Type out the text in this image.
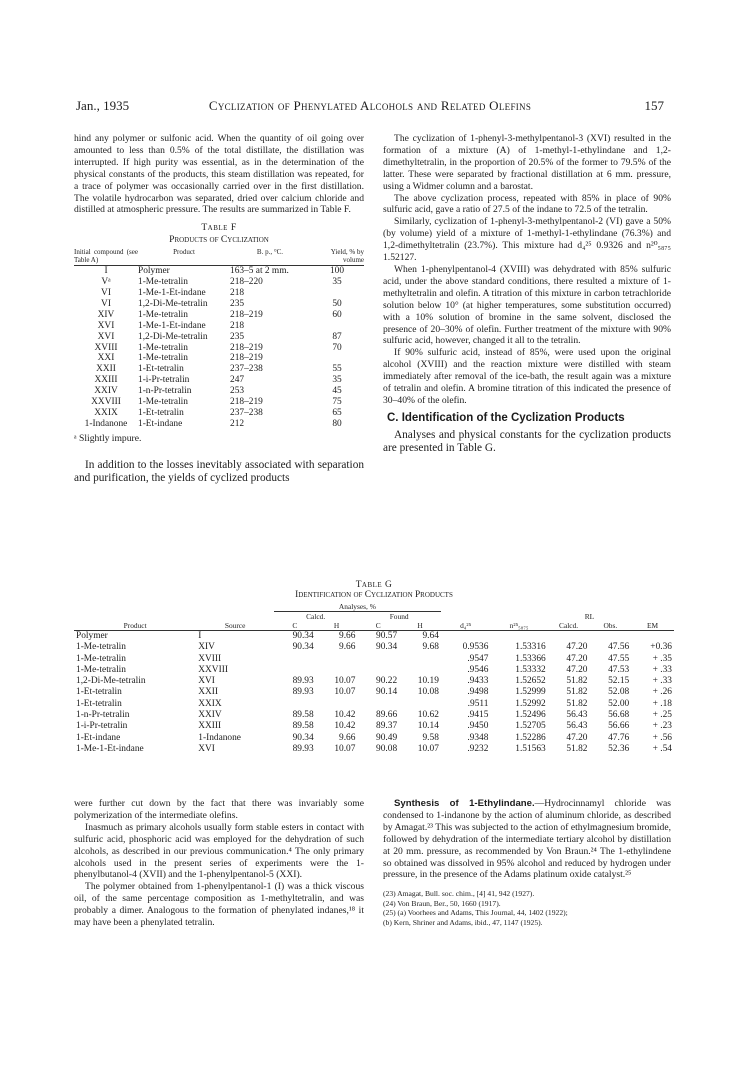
Jan., 1935	Cyclization of Phenylated Alcohols and Related Olefins	157

hind any polymer or sulfonic acid. When the quantity of oil going over amounted to less than 0.5% of the total distillate, the distillation was interrupted. If high purity was essential, as in the determination of the physical constants of the products, this steam distillation was repeated, for a trace of polymer was occasionally carried over in the first distillation. The volatile hydrocarbon was separated, dried over calcium chloride and distilled at atmospheric pressure. The results are summarized in Table F.

Table F
Products of Cyclization
Initial compound (see Table A)	Product	B. p., °C.	Yield, % by volume
I	Polymer	163–5 at 2 mm.	100
Vᵃ	1-Me-tetralin	218–220	35
VI	1-Me-1-Et-indane	218	
VI	1,2-Di-Me-tetralin	235	50
XIV	1-Me-tetralin	218–219	60
XVI	1-Me-1-Et-indane	218	
XVI	1,2-Di-Me-tetralin	235	87
XVIII	1-Me-tetralin	218–219	70
XXI	1-Me-tetralin	218–219	
XXII	1-Et-tetralin	237–238	55
XXIII	1-i-Pr-tetralin	247	35
XXIV	1-n-Pr-tetralin	253	45
XXVIII	1-Me-tetralin	218–219	75
XXIX	1-Et-tetralin	237–238	65
1-Indanone	1-Et-indane	212	80
ᵃ Slightly impure.

In addition to the losses inevitably associated with separation and purification, the yields of cyclized products

The cyclization of 1-phenyl-3-methylpentanol-3 (XVI) resulted in the formation of a mixture (A) of 1-methyl-1-ethylindane and 1,2-dimethyltetralin, in the proportion of 20.5% of the former to 79.5% of the latter. These were separated by fractional distillation at 6 mm. pressure, using a Widmer column and a barostat.

The above cyclization process, repeated with 85% in place of 90% sulfuric acid, gave a ratio of 27.5 of the indane to 72.5 of the tetralin.

Similarly, cyclization of 1-phenyl-3-methylpentanol-2 (VI) gave a 50% (by volume) yield of a mixture of 1-methyl-1-ethylindane (76.3%) and 1,2-dimethyltetralin (23.7%). This mixture had d₄²⁵ 0.9326 and n²⁰₅₈₇₅ 1.52127.

When 1-phenylpentanol-4 (XVIII) was dehydrated with 85% sulfuric acid, under the above standard conditions, there resulted a mixture of 1-methyltetralin and olefin. A titration of this mixture in carbon tetrachloride solution below 10° (at higher temperatures, some substitution occurred) with a 10% solution of bromine in the same solvent, disclosed the presence of 20–30% of olefin. Further treatment of the mixture with 90% sulfuric acid, however, changed it all to the tetralin.

If 90% sulfuric acid, instead of 85%, were used upon the original alcohol (XVIII) and the reaction mixture were distilled with steam immediately after removal of the ice-bath, the result again was a mixture of tetralin and olefin. A bromine titration of this indicated the presence of 30–40% of the olefin.

C. Identification of the Cyclization Products

Analyses and physical constants for the cyclization products are presented in Table G.

Table G
Identification of Cyclization Products
		Analyses, %								
		Calcd.		Found				RL		
Product	Source	C	H	C	H	d₄²⁵	n²⁵₅₈₇₅	Calcd.	Obs.	EM
Polymer	I	90.34	9.66	90.57	9.64					
1-Me-tetralin	XIV	90.34	9.66	90.34	9.68	0.9536	1.53316	47.20	47.56	+0.36
1-Me-tetralin	XVIII					.9547	1.53366	47.20	47.55	+ .35
1-Me-tetralin	XXVIII					.9546	1.53332	47.20	47.53	+ .33
1,2-Di-Me-tetralin	XVI	89.93	10.07	90.22	10.19	.9433	1.52652	51.82	52.15	+ .33
1-Et-tetralin	XXII	89.93	10.07	90.14	10.08	.9498	1.52999	51.82	52.08	+ .26
1-Et-tetralin	XXIX					.9511	1.52992	51.82	52.00	+ .18
1-n-Pr-tetralin	XXIV	89.58	10.42	89.66	10.62	.9415	1.52496	56.43	56.68	+ .25
1-i-Pr-tetralin	XXIII	89.58	10.42	89.37	10.14	.9450	1.52705	56.43	56.66	+ .23
1-Et-indane	1-Indanone	90.34	9.66	90.49	9.58	.9348	1.52286	47.20	47.76	+ .56
1-Me-1-Et-indane	XVI	89.93	10.07	90.08	10.07	.9232	1.51563	51.82	52.36	+ .54

were further cut down by the fact that there was invariably some polymerization of the intermediate olefins.

Inasmuch as primary alcohols usually form stable esters in contact with sulfuric acid, phosphoric acid was employed for the dehydration of such alcohols, as described in our previous communication.⁴ The only primary alcohols used in the present series of experiments were the 1-phenylbutanol-4 (XVII) and the 1-phenylpentanol-5 (XXI).

The polymer obtained from 1-phenylpentanol-1 (I) was a thick viscous oil, of the same percentage composition as 1-methyltetralin, and was probably a dimer. Analogous to the formation of phenylated indanes,¹⁸ it may have been a phenylated tetralin.

Synthesis of 1-Ethylindane.—Hydrocinnamyl chloride was condensed to 1-indanone by the action of aluminum chloride, as described by Amagat.²³ This was subjected to the action of ethylmagnesium bromide, followed by dehydration of the intermediate tertiary alcohol by distillation at 20 mm. pressure, as recommended by Von Braun.²⁴ The 1-ethylindene so obtained was dissolved in 95% alcohol and reduced by hydrogen under pressure, in the presence of the Adams platinum oxide catalyst.²⁵

(23) Amagat, Bull. soc. chim., [4] 41, 942 (1927).

(24) Von Braun, Ber., 50, 1660 (1917).

(25) (a) Voorhees and Adams, This Journal, 44, 1402 (1922);

(b) Kern, Shriner and Adams, ibid., 47, 1147 (1925).
